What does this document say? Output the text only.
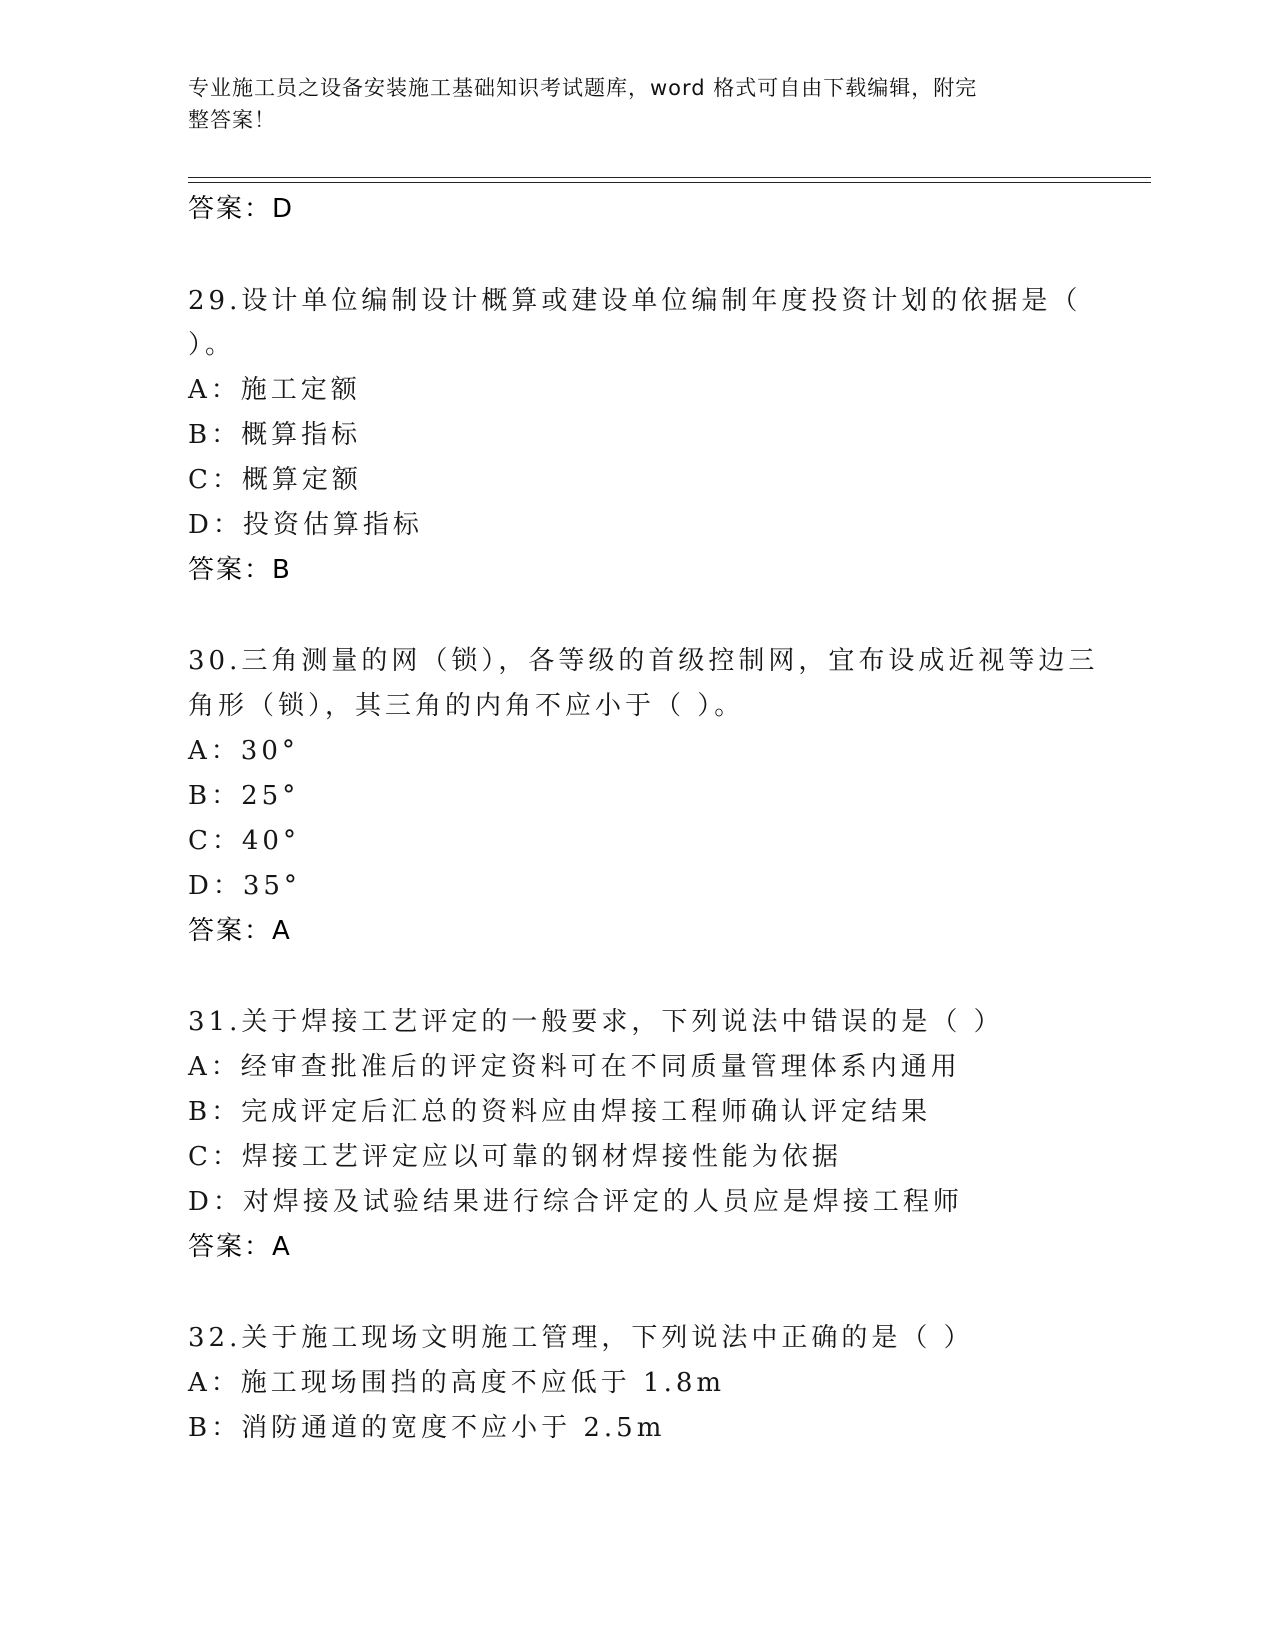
专业施工员之设备安装施工基础知识考试题库，word 格式可自由下载编辑，附完
整答案！
答案：D
29.设计单位编制设计概算或建设单位编制年度投资计划的依据是（
）。
A：施工定额
B：概算指标
C：概算定额
D：投资估算指标
答案：B
30.三角测量的网（锁），各等级的首级控制网，宜布设成近视等边三
角形（锁），其三角的内角不应小于（ ）。
A：30°
B：25°
C：40°
D：35°
答案：A
31.关于焊接工艺评定的一般要求，下列说法中错误的是（ ）
A：经审查批准后的评定资料可在不同质量管理体系内通用
B：完成评定后汇总的资料应由焊接工程师确认评定结果
C：焊接工艺评定应以可靠的钢材焊接性能为依据
D：对焊接及试验结果进行综合评定的人员应是焊接工程师
答案：A
32.关于施工现场文明施工管理，下列说法中正确的是（ ）
A：施工现场围挡的高度不应低于 1.8m
B：消防通道的宽度不应小于 2.5m
